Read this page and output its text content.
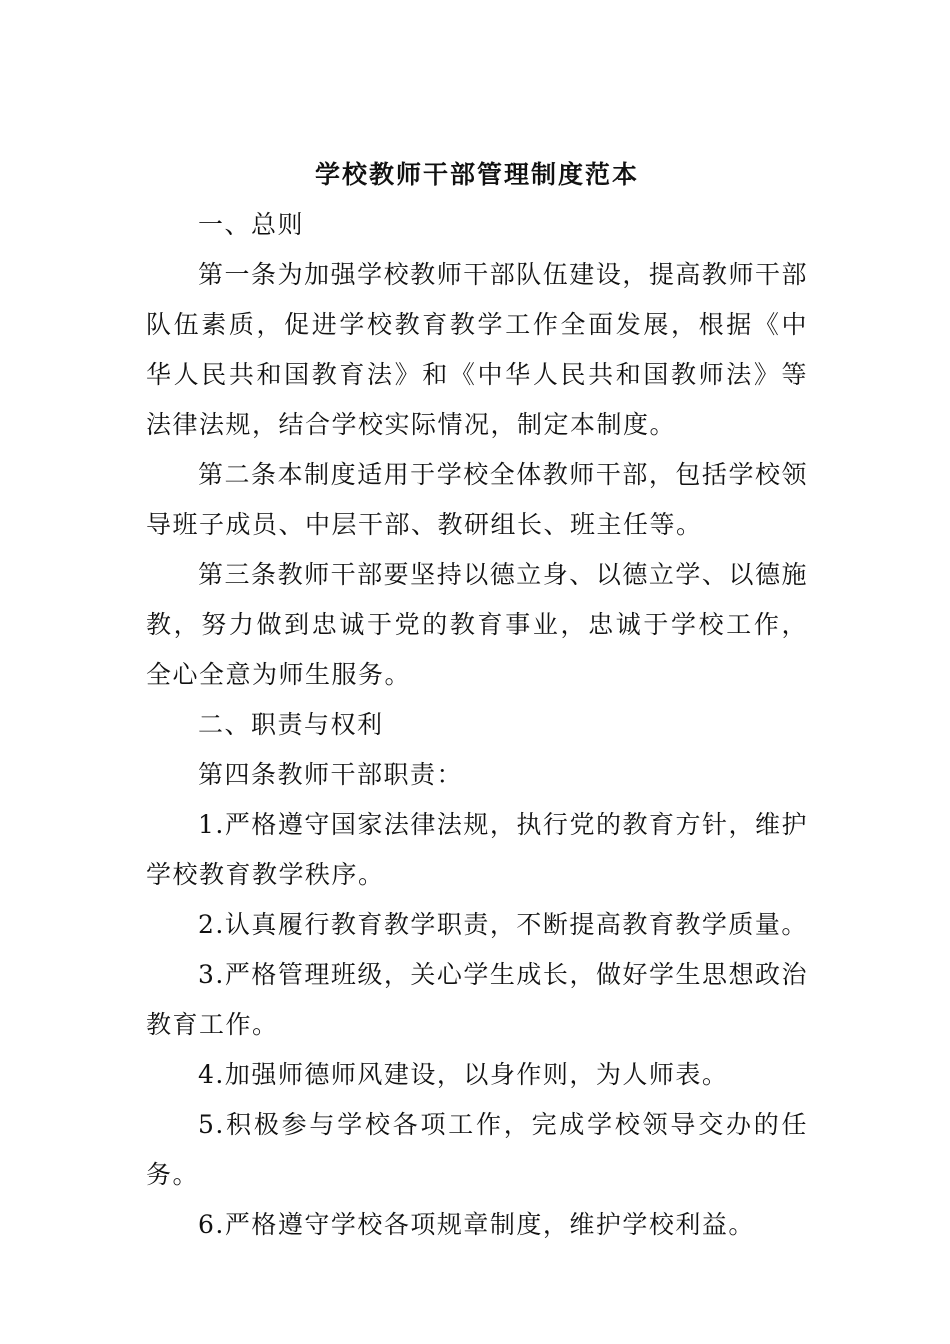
学校教师干部管理制度范本

一、总则

第一条为加强学校教师干部队伍建设，提高教师干部队伍素质，促进学校教育教学工作全面发展，根据《中华人民共和国教育法》和《中华人民共和国教师法》等法律法规，结合学校实际情况，制定本制度。

第二条本制度适用于学校全体教师干部，包括学校领导班子成员、中层干部、教研组长、班主任等。

第三条教师干部要坚持以德立身、以德立学、以德施教，努力做到忠诚于党的教育事业，忠诚于学校工作，全心全意为师生服务。

二、职责与权利

第四条教师干部职责：

1.严格遵守国家法律法规，执行党的教育方针，维护学校教育教学秩序。

2.认真履行教育教学职责，不断提高教育教学质量。

3.严格管理班级，关心学生成长，做好学生思想政治教育工作。

4.加强师德师风建设，以身作则，为人师表。

5.积极参与学校各项工作，完成学校领导交办的任务。

6.严格遵守学校各项规章制度，维护学校利益。
